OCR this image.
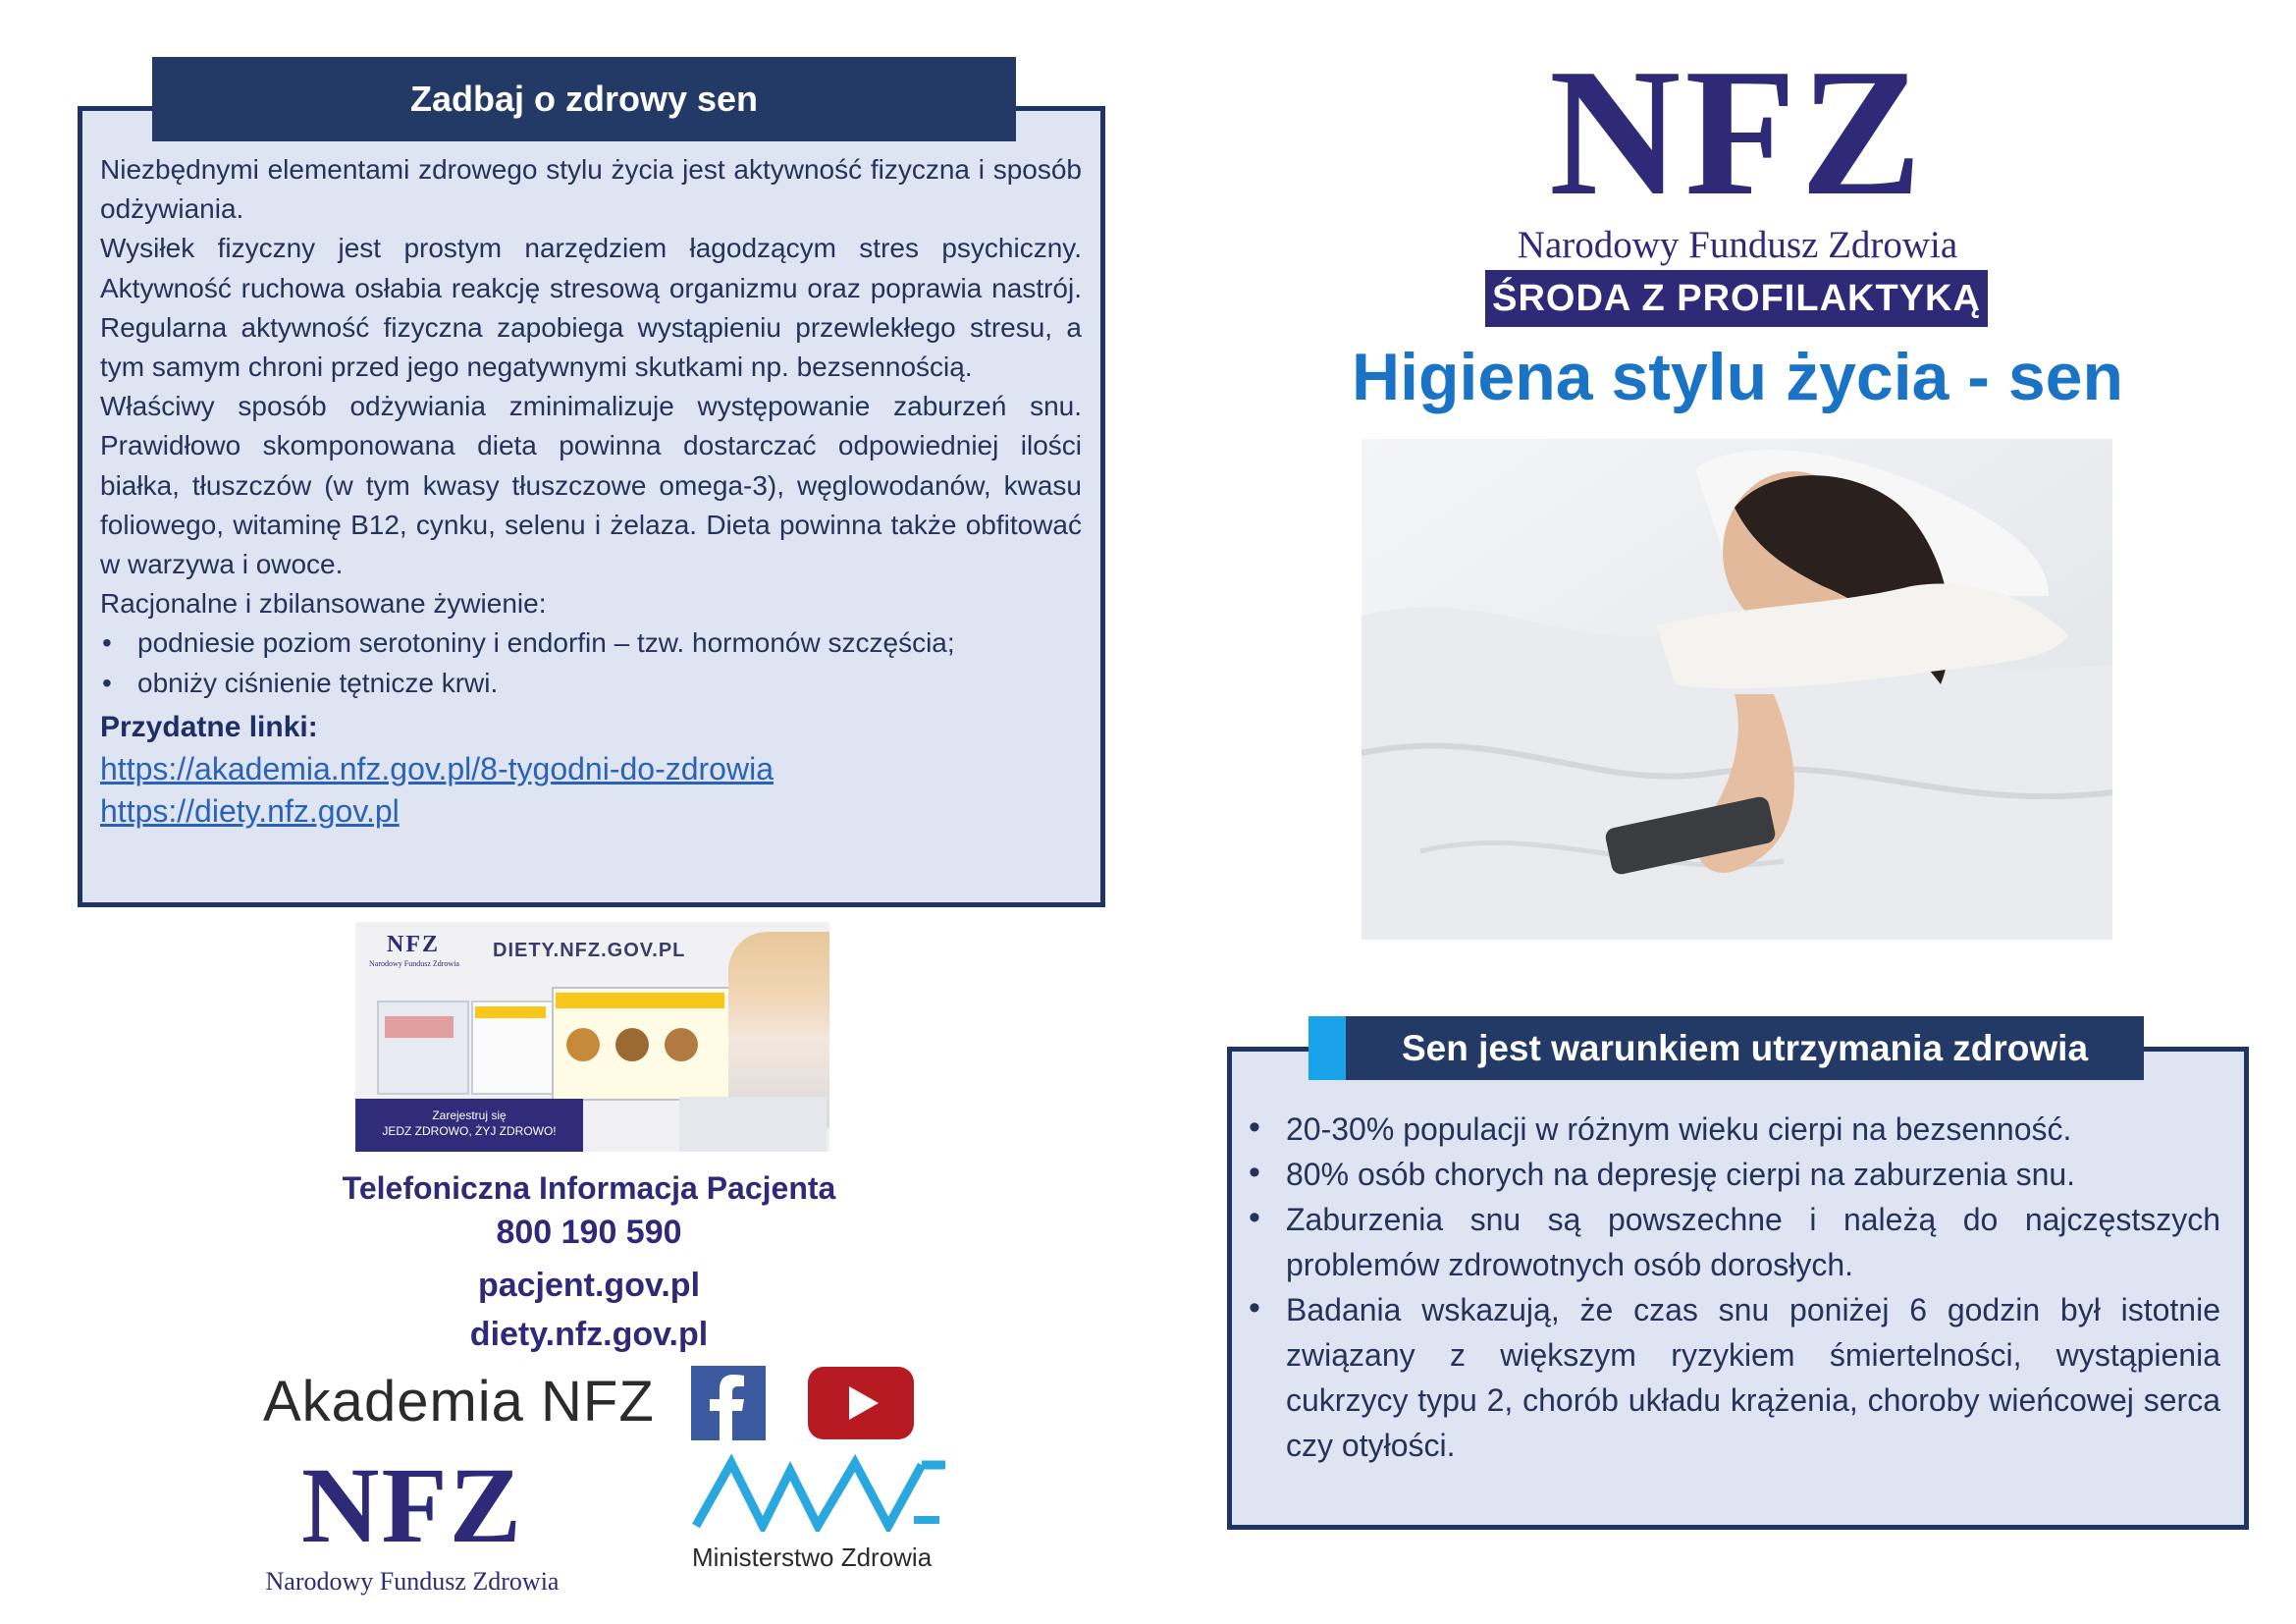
Zadbaj o zdrowy sen

Niezbędnymi elementami zdrowego stylu życia jest aktywność fizyczna i sposób odżywiania.

Wysiłek fizyczny jest prostym narzędziem łagodzącym stres psychiczny. Aktywność ruchowa osłabia reakcję stresową organizmu oraz poprawia nastrój. Regularna aktywność fizyczna zapobiega wystąpieniu przewlekłego stresu, a tym samym chroni przed jego negatywnymi skutkami np. bezsennością.

Właściwy sposób odżywiania zminimalizuje występowanie zaburzeń snu. Prawidłowo skomponowana dieta powinna dostarczać odpowiedniej ilości białka, tłuszczów (w tym kwasy tłuszczowe omega-3), węglowodanów, kwasu foliowego, witaminę B12, cynku, selenu i żelaza. Dieta powinna także obfitować w warzywa i owoce.

Racjonalne i zbilansowane żywienie:

• podniesie poziom serotoniny i endorfin – tzw. hormonów szczęścia;
• obniży ciśnienie tętnicze krwi.
Przydatne linki:
https://akademia.nfz.gov.pl/8-tygodni-do-zdrowia
https://diety.nfz.gov.pl
NFZ
Narodowy Fundusz Zdrowia
DIETY.NFZ.GOV.PL
Zarejestruj się
JEDZ ZDROWO, ŻYJ ZDROWO!
Telefoniczna Informacja Pacjenta
800 190 590
pacjent.gov.pl
diety.nfz.gov.pl
Akademia NFZ
NFZ
Narodowy Fundusz Zdrowia
Ministerstwo Zdrowia
NFZ
Narodowy Fundusz Zdrowia
ŚRODA Z PROFILAKTYKĄ
Higiena stylu życia - sen
Sen jest warunkiem utrzymania zdrowia
• 20-30% populacji w różnym wieku cierpi na bezsenność.
• 80% osób chorych na depresję cierpi na zaburzenia snu.
• Zaburzenia snu są powszechne i należą do najczęstszych problemów zdrowotnych osób dorosłych.
• Badania wskazują, że czas snu poniżej 6 godzin był istotnie związany z większym ryzykiem śmiertelności, wystąpienia cukrzycy typu 2, chorób układu krążenia, choroby wieńcowej serca czy otyłości.
